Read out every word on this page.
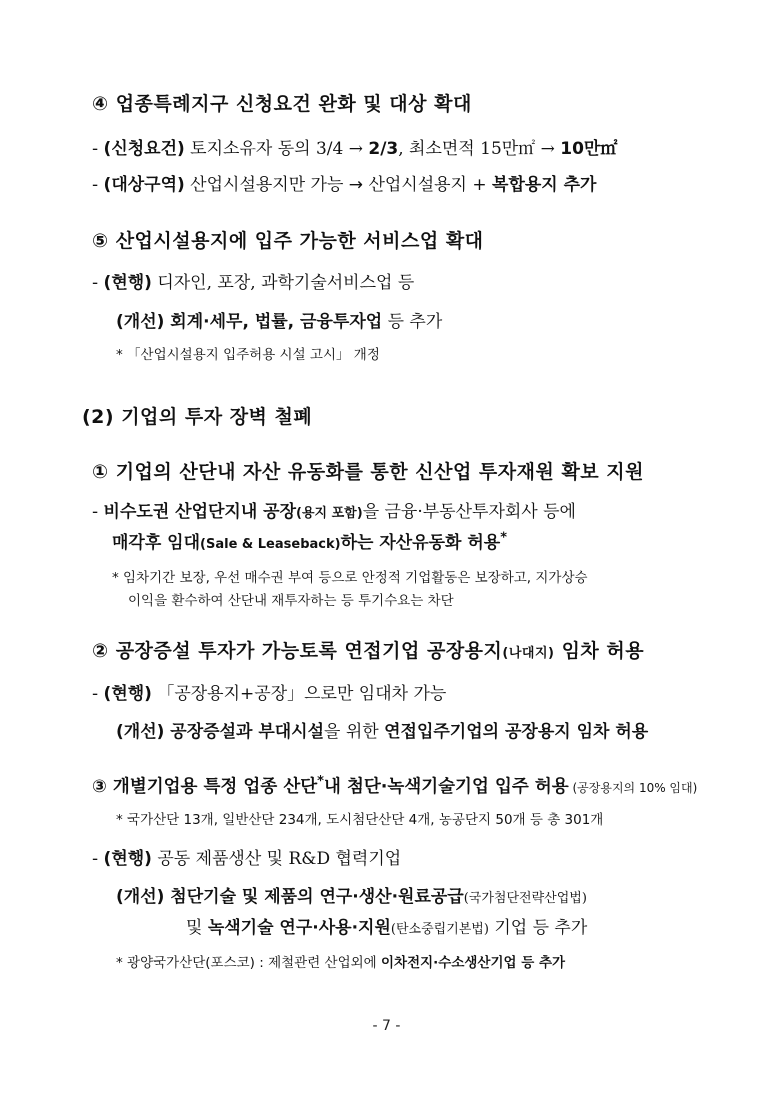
④ 업종특례지구 신청요건 완화 및 대상 확대
- (신청요건) 토지소유자 동의 3/4 → 2/3, 최소면적 15만㎡ → 10만㎡
- (대상구역) 산업시설용지만 가능 → 산업시설용지 + 복합용지 추가
⑤ 산업시설용지에 입주 가능한 서비스업 확대
- (현행) 디자인, 포장, 과학기술서비스업 등
(개선) 회계·세무, 법률, 금융투자업 등 추가
* 「산업시설용지 입주허용 시설 고시」 개정
(2) 기업의 투자 장벽 철폐
① 기업의 산단내 자산 유동화를 통한 신산업 투자재원 확보 지원
- 비수도권 산업단지내 공장(용지 포함)을 금융·부동산투자회사 등에
매각후 임대(Sale & Leaseback)하는 자산유동화 허용*
* 임차기간 보장, 우선 매수권 부여 등으로 안정적 기업활동은 보장하고, 지가상승
이익을 환수하여 산단내 재투자하는 등 투기수요는 차단
② 공장증설 투자가 가능토록 연접기업 공장용지(나대지) 임차 허용
- (현행) 「공장용지+공장」으로만 임대차 가능
(개선) 공장증설과 부대시설을 위한 연접입주기업의 공장용지 임차 허용
③ 개별기업용 특정 업종 산단*내 첨단·녹색기술기업 입주 허용 (공장용지의 10% 임대)
* 국가산단 13개, 일반산단 234개, 도시첨단산단 4개, 농공단지 50개 등 총 301개
- (현행) 공동 제품생산 및 R&D 협력기업
(개선) 첨단기술 및 제품의 연구·생산·원료공급(국가첨단전략산업법)
및 녹색기술 연구·사용·지원(탄소중립기본법) 기업 등 추가
* 광양국가산단(포스코) : 제철관련 산업외에 이차전지·수소생산기업 등 추가
- 7 -
